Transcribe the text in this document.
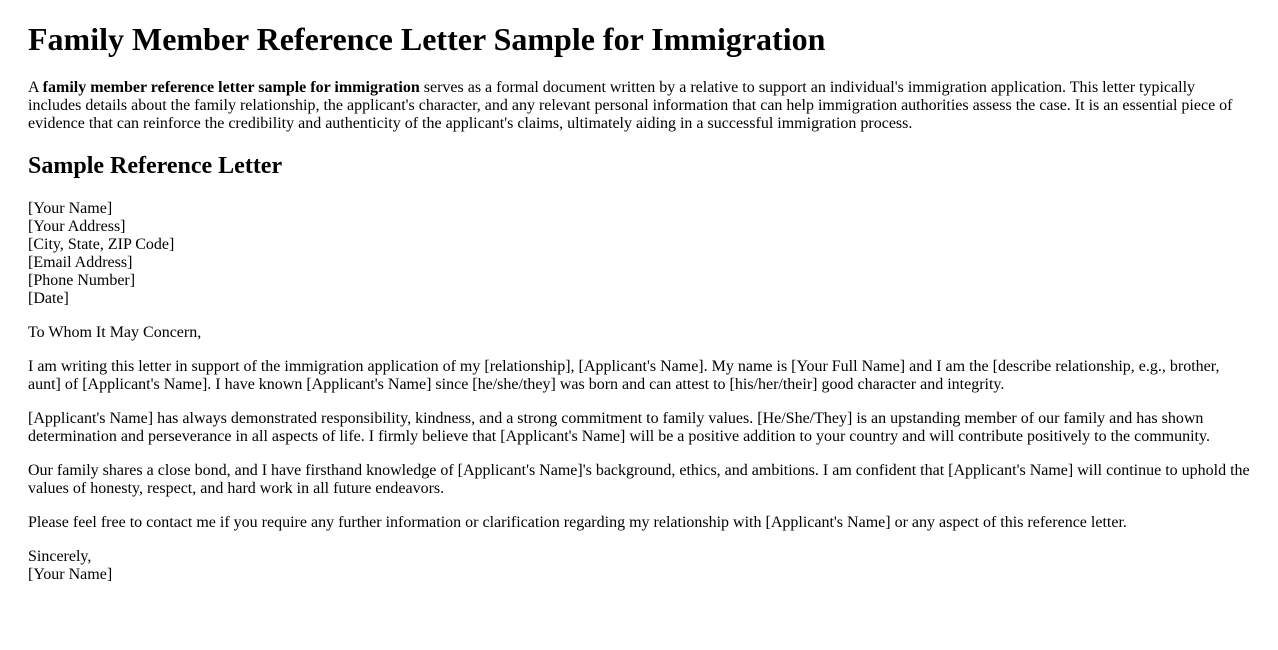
Family Member Reference Letter Sample for Immigration

A family member reference letter sample for immigration serves as a formal document written by a relative to support an individual's immigration application. This letter typically includes details about the family relationship, the applicant's character, and any relevant personal information that can help immigration authorities assess the case. It is an essential piece of evidence that can reinforce the credibility and authenticity of the applicant's claims, ultimately aiding in a successful immigration process.

Sample Reference Letter
[Your Name]
[Your Address]
[City, State, ZIP Code]
[Email Address]
[Phone Number]
[Date]

To Whom It May Concern,

I am writing this letter in support of the immigration application of my [relationship], [Applicant's Name]. My name is [Your Full Name] and I am the [describe relationship, e.g., brother, aunt] of [Applicant's Name]. I have known [Applicant's Name] since [he/she/they] was born and can attest to [his/her/their] good character and integrity.

[Applicant's Name] has always demonstrated responsibility, kindness, and a strong commitment to family values. [He/She/They] is an upstanding member of our family and has shown determination and perseverance in all aspects of life. I firmly believe that [Applicant's Name] will be a positive addition to your country and will contribute positively to the community.

Our family shares a close bond, and I have firsthand knowledge of [Applicant's Name]'s background, ethics, and ambitions. I am confident that [Applicant's Name] will continue to uphold the values of honesty, respect, and hard work in all future endeavors.

Please feel free to contact me if you require any further information or clarification regarding my relationship with [Applicant's Name] or any aspect of this reference letter.

Sincerely,
[Your Name]
